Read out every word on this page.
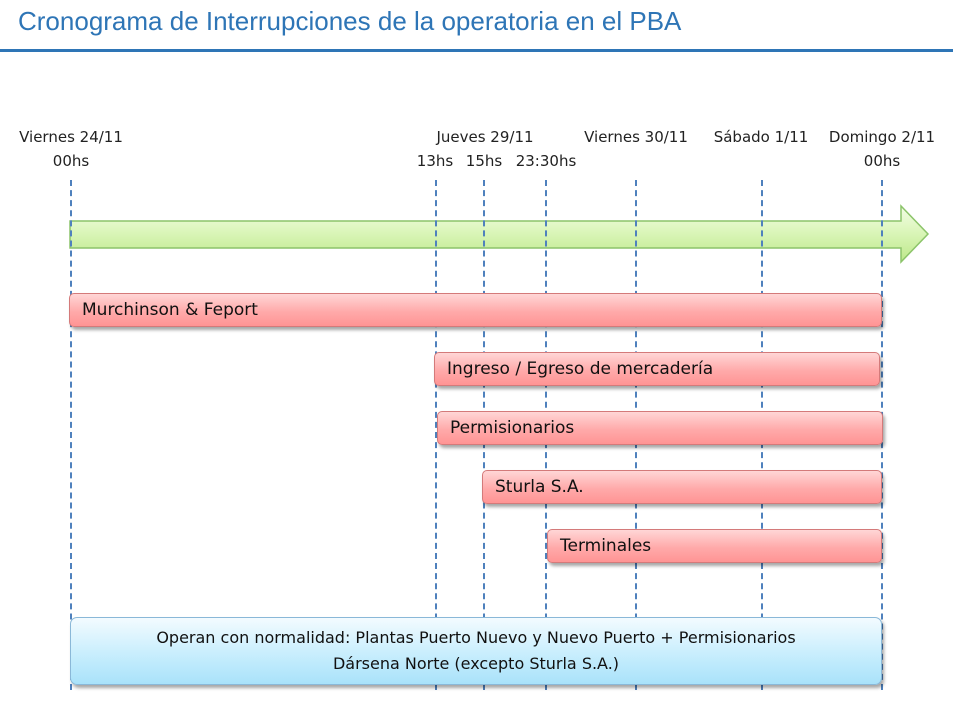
Cronograma de Interrupciones de la operatoria en el PBA
Viernes 24/11
00hs
Jueves 29/11
13hs 15hs 23:30hs
Viernes 30/11 Sábado 1/11 Domingo 2/11
00hs
Murchinson & Feport
Ingreso / Egreso de mercadería
Permisionarios
Sturla S.A.
Terminales
Operan con normalidad: Plantas Puerto Nuevo y Nuevo Puerto + Permisionarios
Dársena Norte (excepto Sturla S.A.)
